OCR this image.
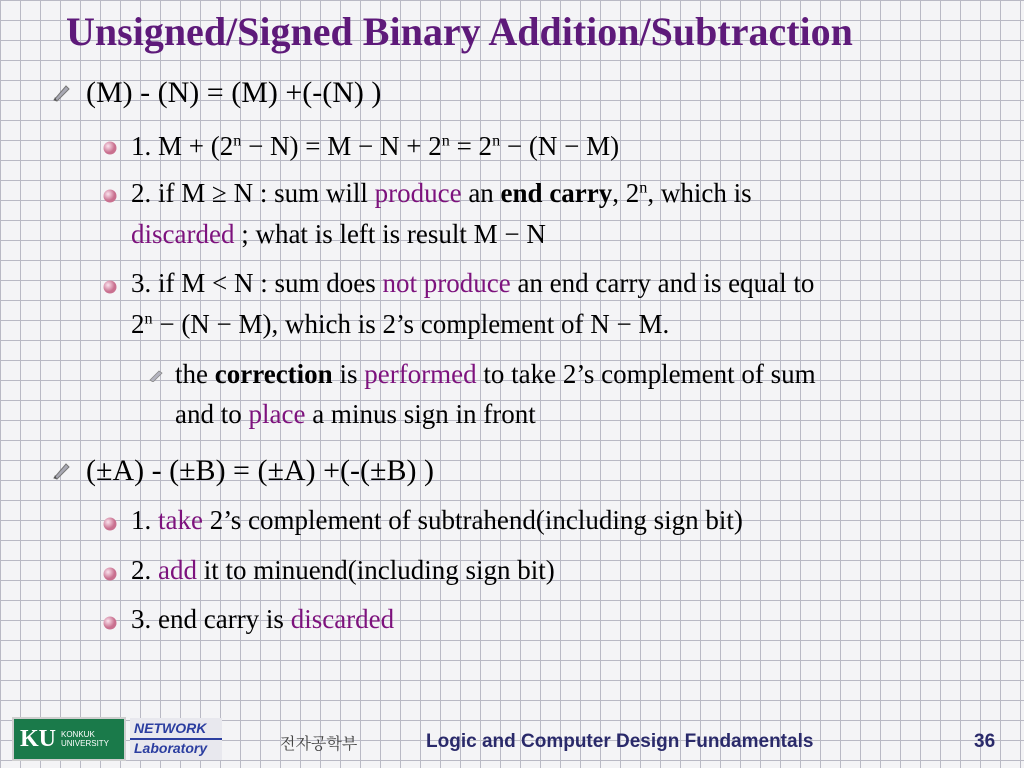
Unsigned/Signed Binary Addition/Subtraction
(M) - (N) = (M) +(-(N) )
1. $M + (2^n - N) = M - N + 2^n = 2^n - (N - M)$
2. if M ≥ N : sum will produce an end carry, 2$^n$, which is
discarded ; what is left is result M − N
3. if M < N : sum does not produce an end carry and is equal to
$2^n - (N - M)$, which is 2’s complement of N − M.
the correction is performed to take 2’s complement of sum
and to place a minus sign in front
(±A) - (±B) = (±A) +(-(±B) )
1. take 2’s complement of subtrahend(including sign bit)
2. add it to minuend(including sign bit)
3. end carry is discarded
KU KONKUK
UNIVERSITY
NETWORK
Laboratory	전자공학부	Logic and Computer Design Fundamentals	36
